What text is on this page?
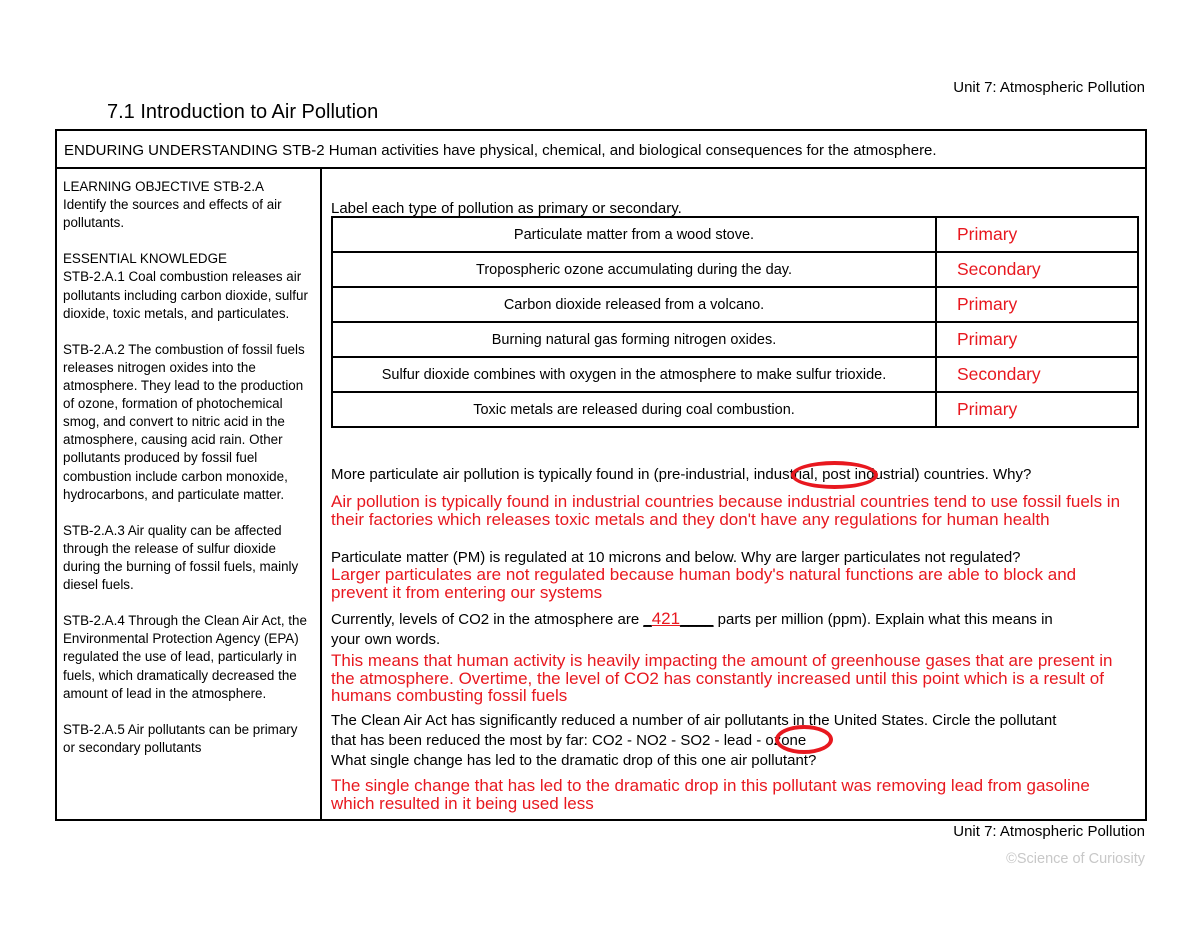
Unit 7: Atmospheric Pollution
7.1 Introduction to Air Pollution
ENDURING UNDERSTANDING STB-2 Human activities have physical, chemical, and biological consequences for the atmosphere.

LEARNING OBJECTIVE STB-2.A
Identify the sources and effects of air pollutants.

ESSENTIAL KNOWLEDGE
STB-2.A.1 Coal combustion releases air pollutants including carbon dioxide, sulfur dioxide, toxic metals, and particulates.

STB-2.A.2 The combustion of fossil fuels releases nitrogen oxides into the atmosphere. They lead to the production of ozone, formation of photochemical smog, and convert to nitric acid in the atmosphere, causing acid rain. Other pollutants produced by fossil fuel combustion include carbon monoxide, hydrocarbons, and particulate matter.

STB-2.A.3 Air quality can be affected through the release of sulfur dioxide during the burning of fossil fuels, mainly diesel fuels.

STB-2.A.4 Through the Clean Air Act, the Environmental Protection Agency (EPA) regulated the use of lead, particularly in fuels, which dramatically decreased the amount of lead in the atmosphere.

STB-2.A.5 Air pollutants can be primary or secondary pollutants

Label each type of pollution as primary or secondary.
Particulate matter from a wood stove.	Primary
Tropospheric ozone accumulating during the day.	Secondary
Carbon dioxide released from a volcano.	Primary
Burning natural gas forming nitrogen oxides.	Primary
Sulfur dioxide combines with oxygen in the atmosphere to make sulfur trioxide.	Secondary
Toxic metals are released during coal combustion.	Primary
More particulate air pollution is typically found in (pre-industrial, industrial, post industrial) countries. Why?
Air pollution is typically found in industrial countries because industrial countries tend to use fossil fuels in their factories which releases toxic metals and they don't have any regulations for human health
Particulate matter (PM) is regulated at 10 microns and below. Why are larger particulates not regulated?
Larger particulates are not regulated because human body's natural functions are able to block and prevent it from entering our systems
Currently, levels of CO2 in the atmosphere are _421____ parts per million (ppm). Explain what this means in
your own words.
This means that human activity is heavily impacting the amount of greenhouse gases that are present in the atmosphere. Overtime, the level of CO2 has constantly increased until this point which is a result of humans combusting fossil fuels
The Clean Air Act has significantly reduced a number of air pollutants in the United States. Circle the pollutant
that has been reduced the most by far: CO2 - NO2 - SO2 - lead - ozone
What single change has led to the dramatic drop of this one air pollutant?
The single change that has led to the dramatic drop in this pollutant was removing lead from gasoline which resulted in it being used less
Unit 7: Atmospheric Pollution
©Science of Curiosity
